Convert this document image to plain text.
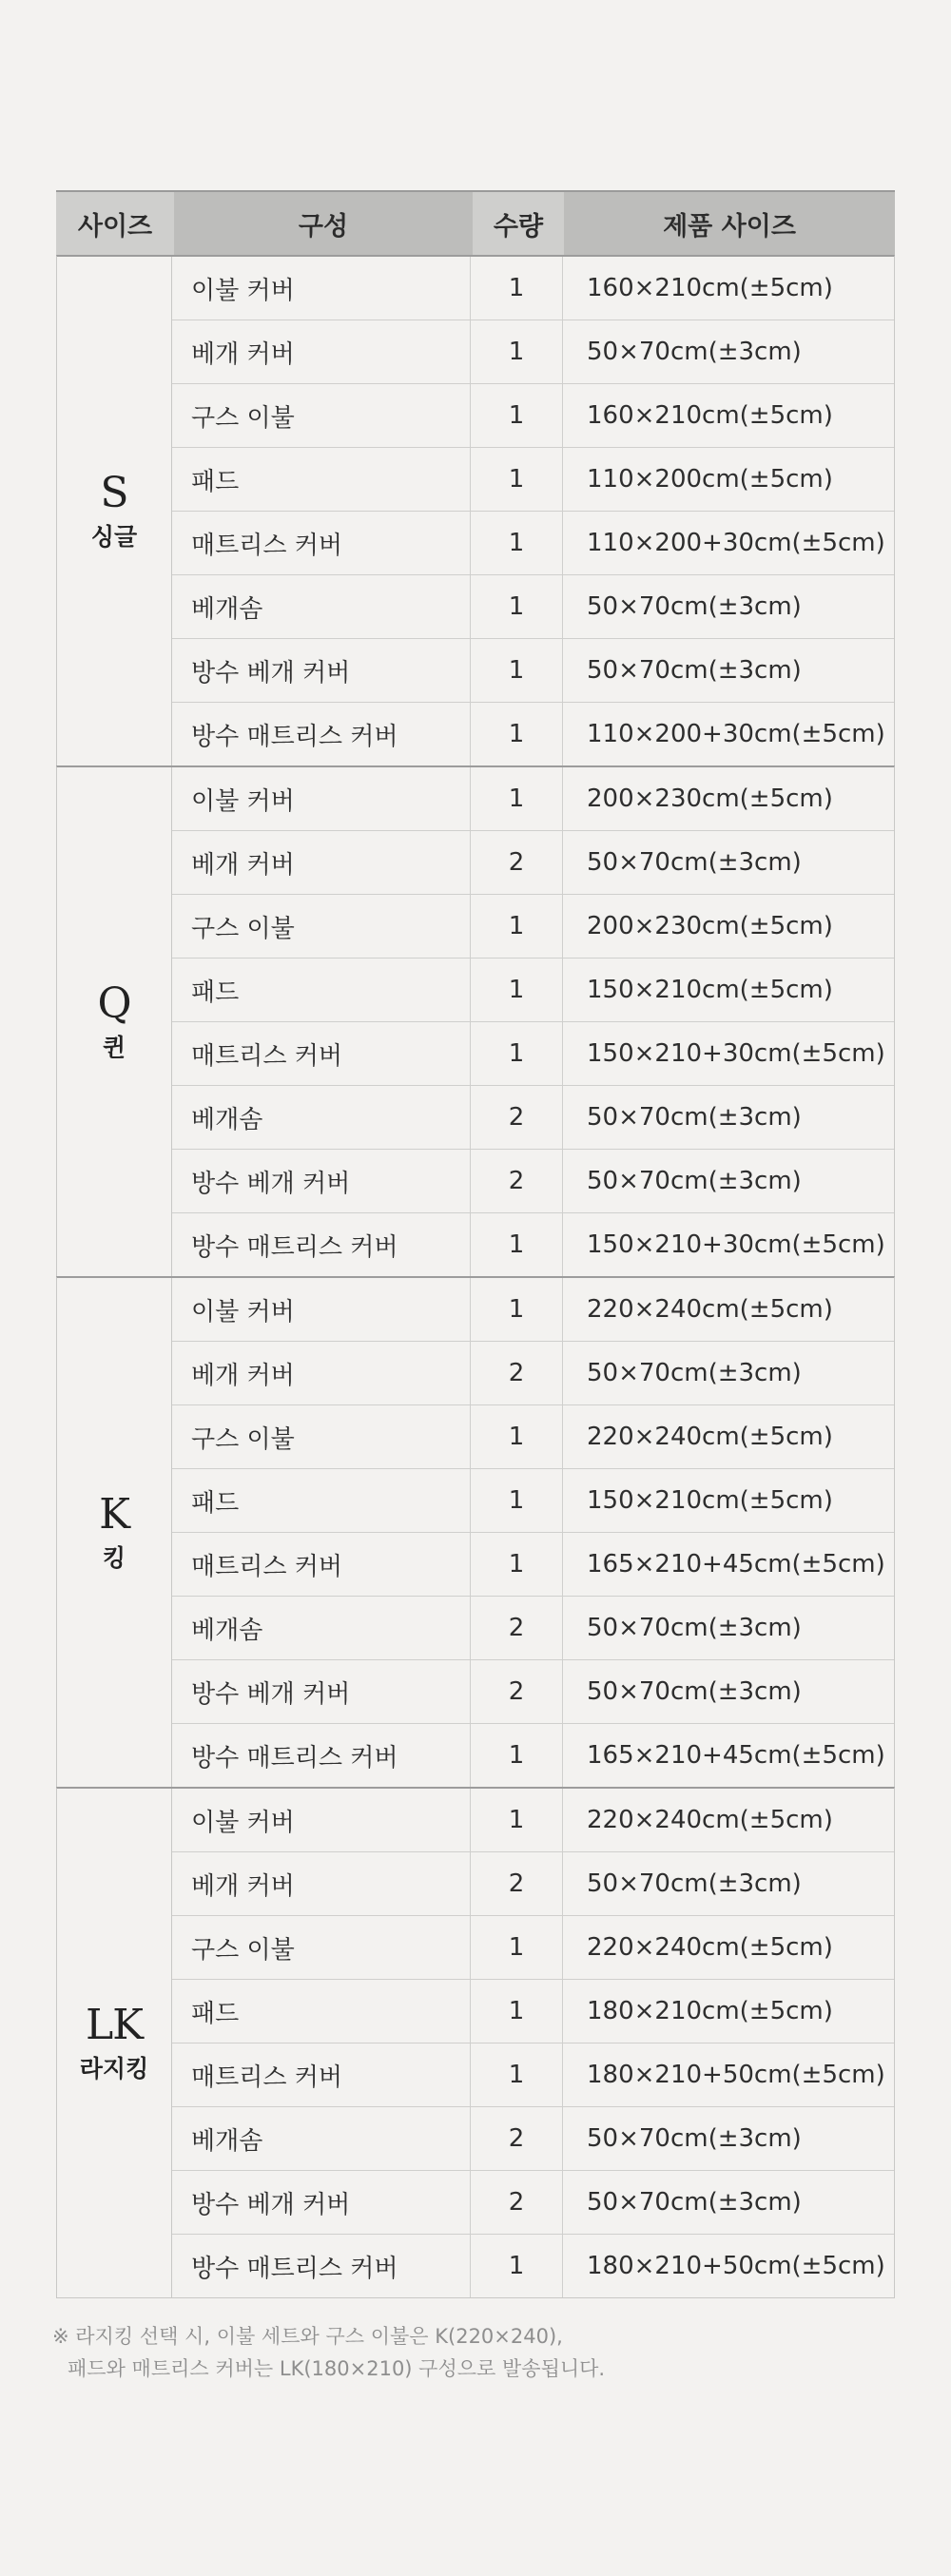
사이즈	구성	수량	제품 사이즈
S
싱글
이불 커버	1	160×210cm(±5cm)
베개 커버	1	50×70cm(±3cm)
구스 이불	1	160×210cm(±5cm)
패드	1	110×200cm(±5cm)
매트리스 커버	1	110×200+30cm(±5cm)
베개솜	1	50×70cm(±3cm)
방수 베개 커버	1	50×70cm(±3cm)
방수 매트리스 커버	1	110×200+30cm(±5cm)
Q
퀸
이불 커버	1	200×230cm(±5cm)
베개 커버	2	50×70cm(±3cm)
구스 이불	1	200×230cm(±5cm)
패드	1	150×210cm(±5cm)
매트리스 커버	1	150×210+30cm(±5cm)
베개솜	2	50×70cm(±3cm)
방수 베개 커버	2	50×70cm(±3cm)
방수 매트리스 커버	1	150×210+30cm(±5cm)
K
킹
이불 커버	1	220×240cm(±5cm)
베개 커버	2	50×70cm(±3cm)
구스 이불	1	220×240cm(±5cm)
패드	1	150×210cm(±5cm)
매트리스 커버	1	165×210+45cm(±5cm)
베개솜	2	50×70cm(±3cm)
방수 베개 커버	2	50×70cm(±3cm)
방수 매트리스 커버	1	165×210+45cm(±5cm)
LK
라지킹
이불 커버	1	220×240cm(±5cm)
베개 커버	2	50×70cm(±3cm)
구스 이불	1	220×240cm(±5cm)
패드	1	180×210cm(±5cm)
매트리스 커버	1	180×210+50cm(±5cm)
베개솜	2	50×70cm(±3cm)
방수 베개 커버	2	50×70cm(±3cm)
방수 매트리스 커버	1	180×210+50cm(±5cm)
※ 라지킹 선택 시, 이불 세트와 구스 이불은 K(220×240),
패드와 매트리스 커버는 LK(180×210) 구성으로 발송됩니다.
